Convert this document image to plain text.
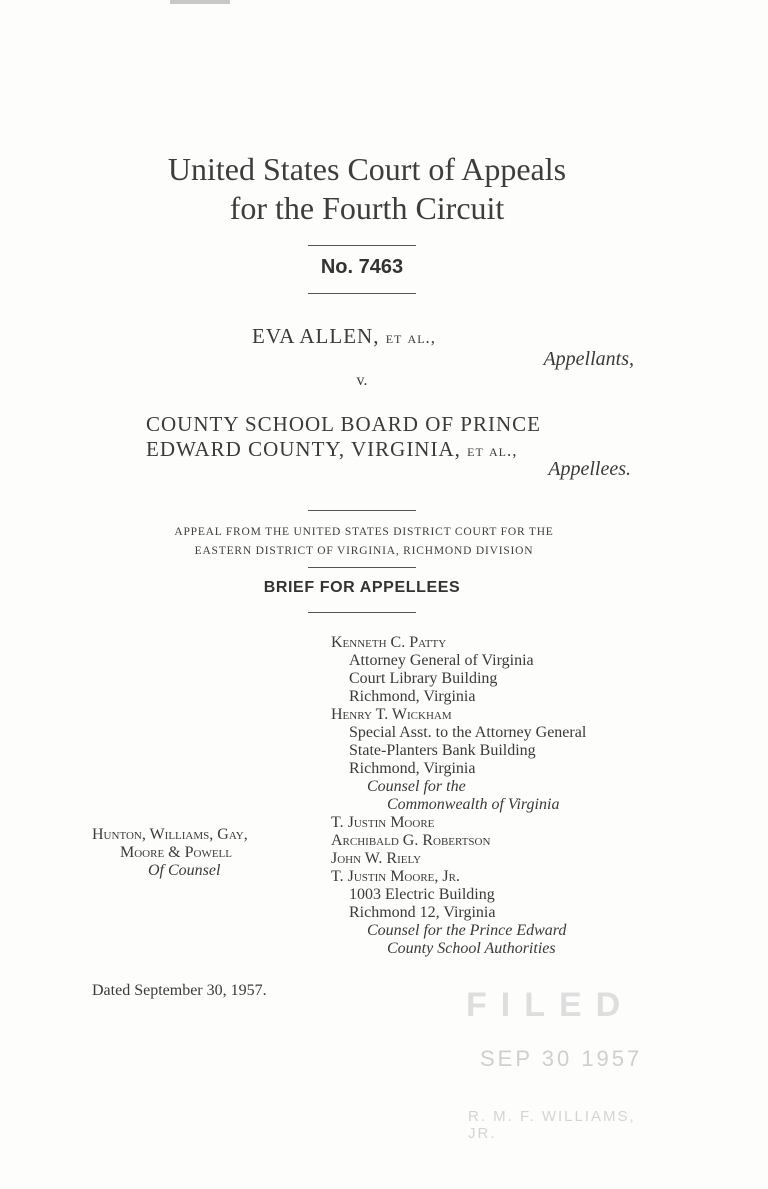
United States Court of Appeals
for the Fourth Circuit
No. 7463
EVA ALLEN, et al.,
Appellants,
v.
COUNTY SCHOOL BOARD OF PRINCE
EDWARD COUNTY, VIRGINIA, et al.,
Appellees.
APPEAL FROM THE UNITED STATES DISTRICT COURT FOR THE
EASTERN DISTRICT OF VIRGINIA, RICHMOND DIVISION
BRIEF FOR APPELLEES
Kenneth C. Patty
Attorney General of Virginia
Court Library Building
Richmond, Virginia
Henry T. Wickham
Special Asst. to the Attorney General
State-Planters Bank Building
Richmond, Virginia
Counsel for the
Commonwealth of Virginia
T. Justin Moore
Archibald G. Robertson
John W. Riely
T. Justin Moore, Jr.
1003 Electric Building
Richmond 12, Virginia
Counsel for the Prince Edward
County School Authorities
Hunton, Williams, Gay,
Moore & Powell
Of Counsel
Dated September 30, 1957.	FILED
SEP 30 1957
R. M. F. WILLIAMS, JR.
